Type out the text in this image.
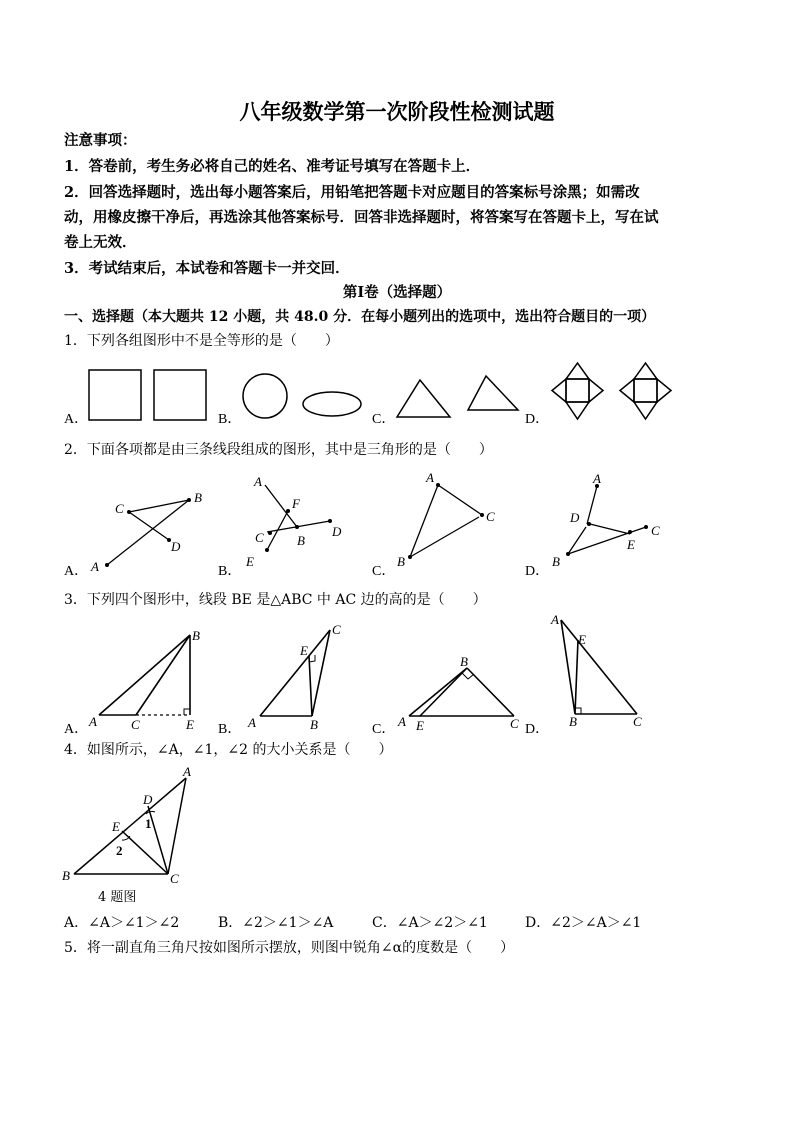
八年级数学第一次阶段性检测试题
注意事项：
1．答卷前，考生务必将自己的姓名、准考证号填写在答题卡上．
2．回答选择题时，选出每小题答案后，用铅笔把答题卡对应题目的答案标号涂黑；如需改
动，用橡皮擦干净后，再选涂其他答案标号．回答非选择题时，将答案写在答题卡上，写在试
卷上无效．
3．考试结束后，本试卷和答题卡一并交回．
第Ⅰ卷（选择题）
一、选择题（本大题共 12 小题，共 48.0 分．在每小题列出的选项中，选出符合题目的一项）
1．下列各组图形中不是全等形的是（　　）
A．	B．	C．	D．
2．下面各项都是由三条线段组成的图形，其中是三角形的是（　　）
A．	B．	C．	D．
A
B
C
D
A
F
C	B
D
E
A
C
B
A
D
E
C
B
3．下列四个图形中，线段 BE 是△ABC 中 AC 边的高的是（　　）
A．	B．	C．	D．
A	C	E
B
A	B
C
E
A E
B
C
A
E
B	C
4．如图所示，∠A，∠1，∠2 的大小关系是（　　）
A
D
E 1
2
B	C
4 题图
A．∠A＞∠1＞∠2	B．∠2＞∠1＞∠A	C．∠A＞∠2＞∠1	D．∠2＞∠A＞∠1
5．将一副直角三角尺按如图所示摆放，则图中锐角∠α的度数是（　　）
